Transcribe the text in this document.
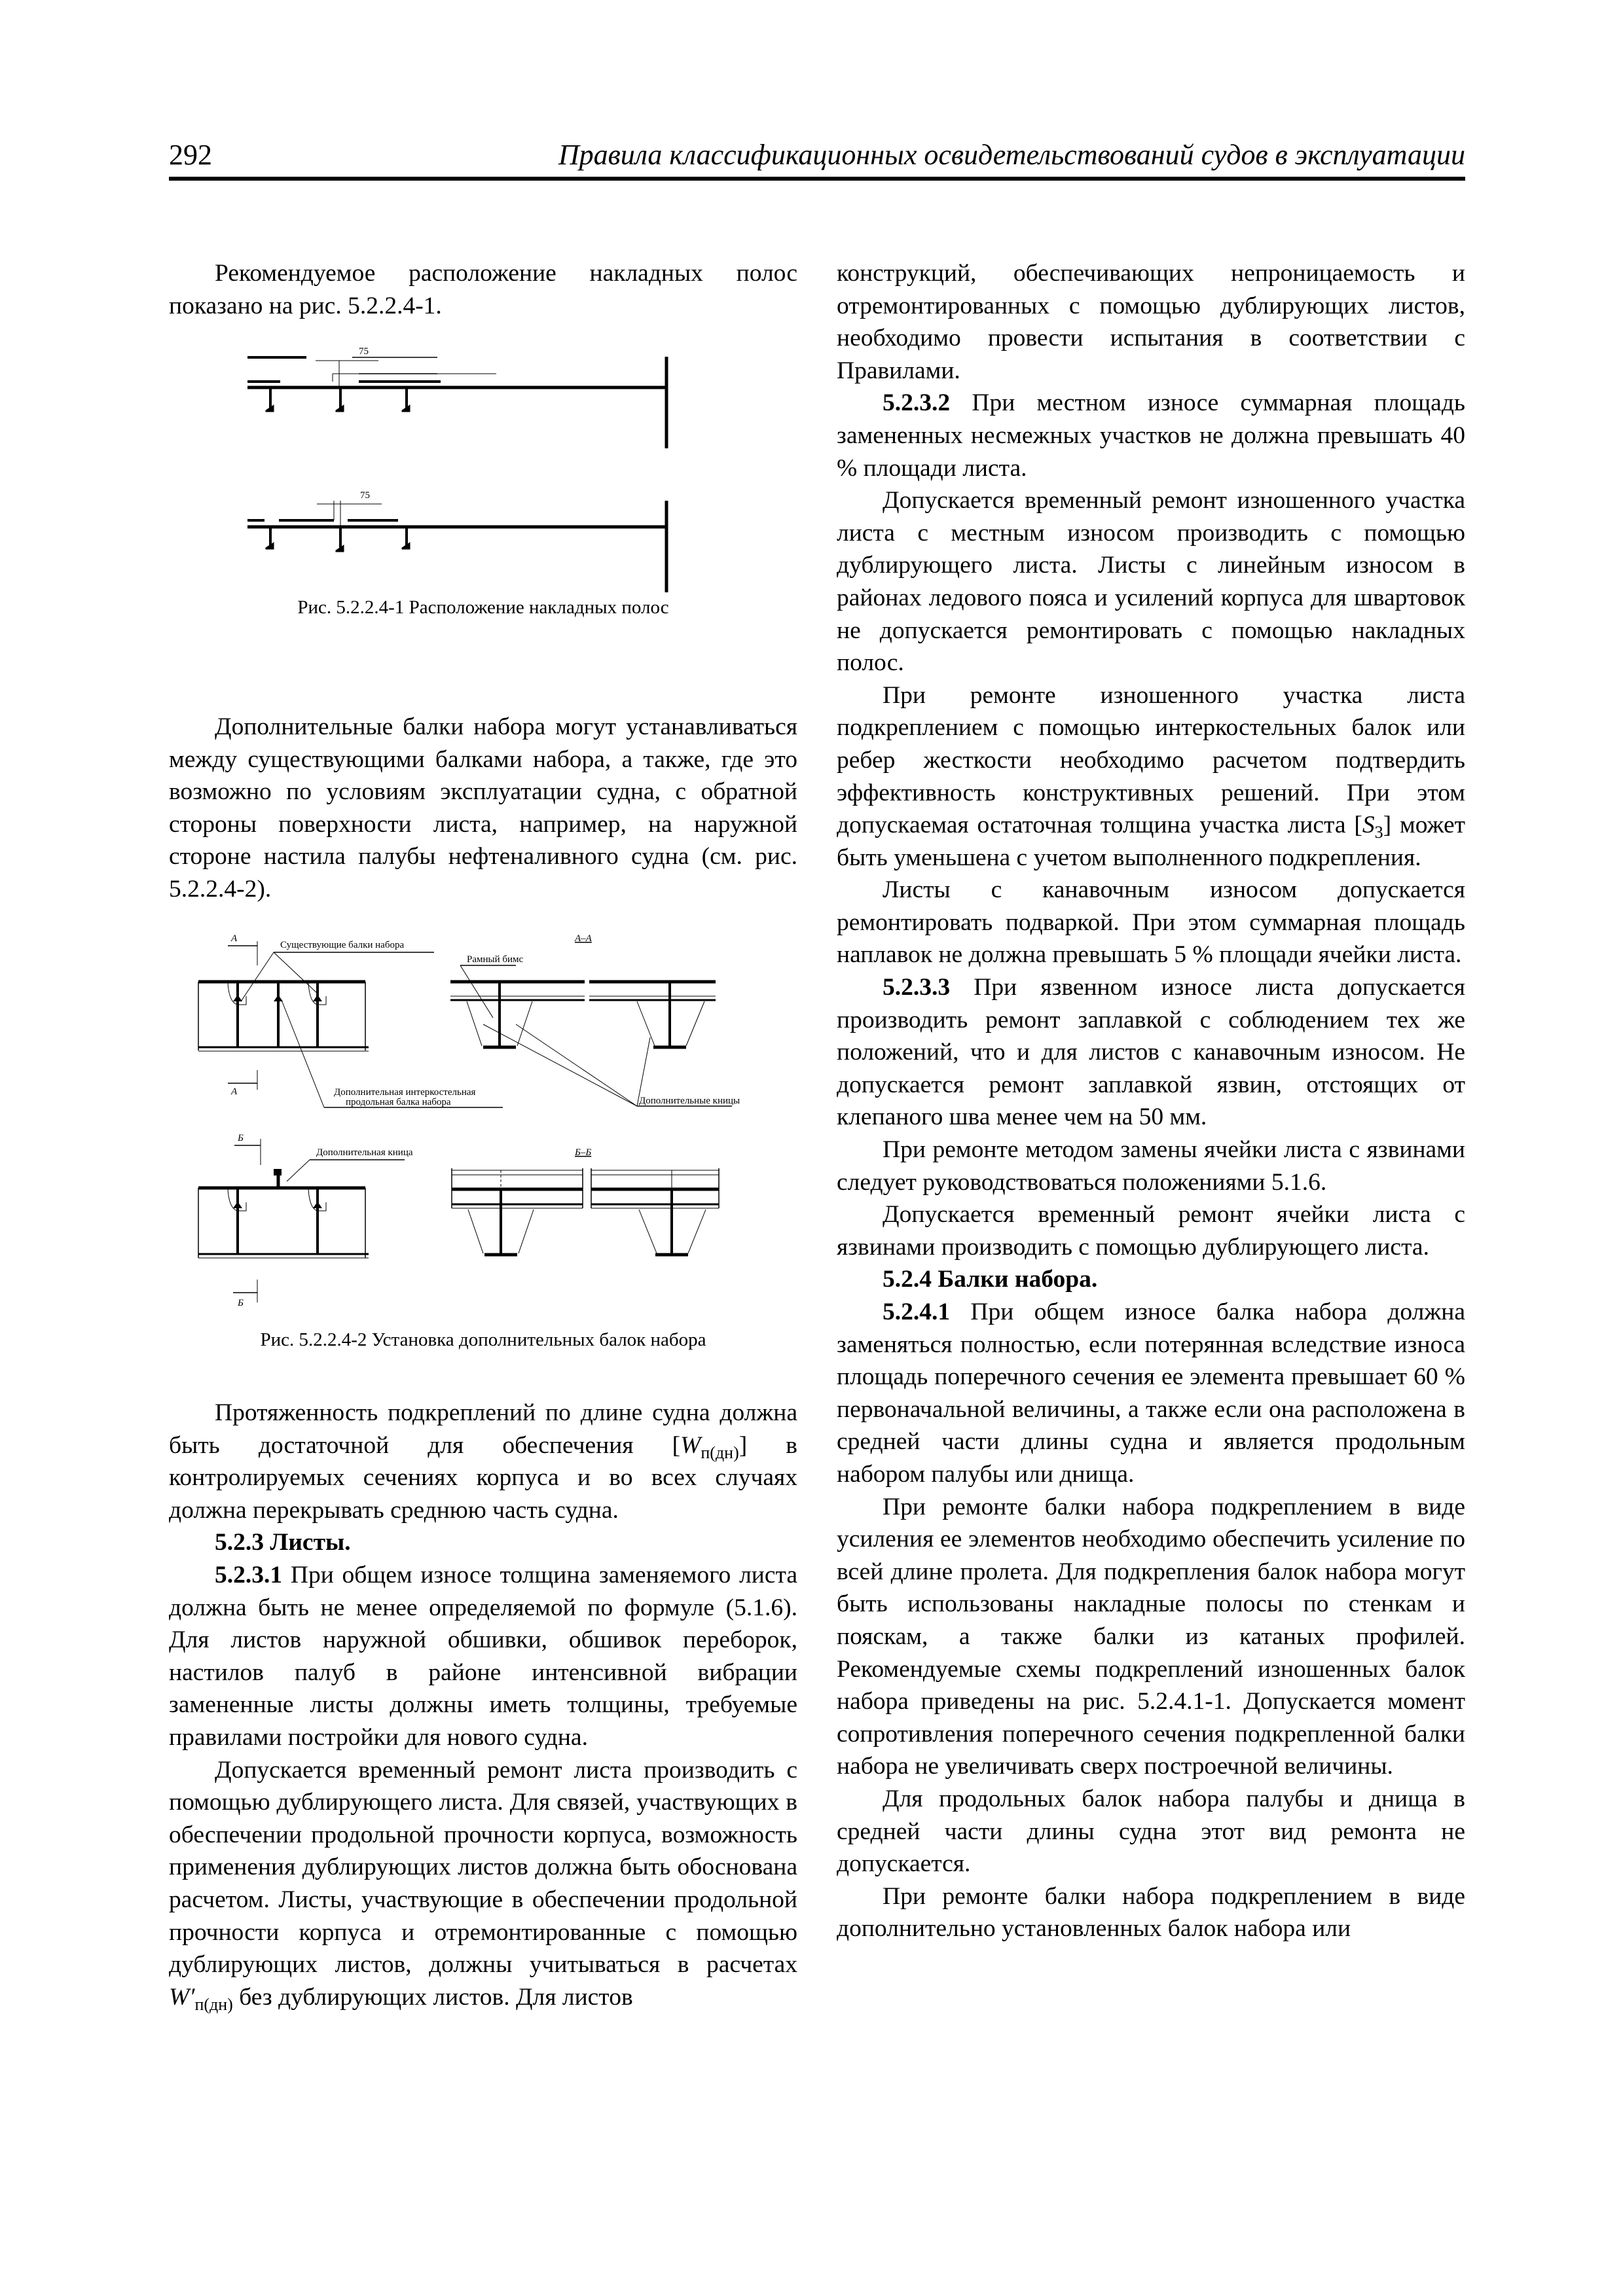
292	Правила классификационных освидетельствований судов в эксплуатации

Рекомендуемое расположение накладных полос показано на рис. 5.2.2.4-1.

75
75
Рис. 5.2.2.4-1 Расположение накладных полос

Дополнительные балки набора могут устанавливаться между существующими балками набора, а также, где это возможно по условиям эксплуатации судна, с обратной стороны поверхности листа, например, на наружной стороне настила палубы нефтеналивного судна (см. рис. 5.2.2.4-2).

А
А
Существующие балки набора
Дополнительная интеркостельная
продольная балка набора
А–А
Рамный бимс
Дополнительные кницы
Б
Б
Дополнительная кница	Б–Б
Рис. 5.2.2.4-2 Установка дополнительных балок набора

Протяженность подкреплений по длине судна должна быть достаточной для обеспечения $[W_{п(дн)}]$ в контролируемых сечениях корпуса и во всех случаях должна перекрывать среднюю часть судна.

5.2.3 Листы.

5.2.3.1 При общем износе толщина заменяемого листа должна быть не менее определяемой по формуле (5.1.6). Для листов наружной обшивки, обшивок переборок, настилов палуб в районе интенсивной вибрации замененные листы должны иметь толщины, требуемые правилами постройки для нового судна.

Допускается временный ремонт листа производить с помощью дублирующего листа. Для связей, участвующих в обеспечении продольной прочности корпуса, возможность применения дублирующих листов должна быть обоснована расчетом. Листы, участвующие в обеспечении продольной прочности корпуса и отремонтированные с помощью дублирующих листов, должны учитываться в расчетах $W'_{п(дн)}$ без дублирующих листов. Для листов

конструкций, обеспечивающих непроницаемость и отремонтированных с помощью дублирующих листов, необходимо провести испытания в соответствии с Правилами.

5.2.3.2 При местном износе суммарная площадь замененных несмежных участков не должна превышать 40 % площади листа.

Допускается временный ремонт изношенного участка листа с местным износом производить с помощью дублирующего листа. Листы с линейным износом в районах ледового пояса и усилений корпуса для швартовок не допускается ремонтировать с помощью накладных полос.

При ремонте изношенного участка листа подкреплением с помощью интеркостельных балок или ребер жесткости необходимо расчетом подтвердить эффективность конструктивных решений. При этом допускаемая остаточная толщина участка листа $[S_3]$ может быть уменьшена с учетом выполненного подкрепления.

Листы с канавочным износом допускается ремонтировать подваркой. При этом суммарная площадь наплавок не должна превышать 5 % площади ячейки листа.

5.2.3.3 При язвенном износе листа допускается производить ремонт заплавкой с соблюдением тех же положений, что и для листов с канавочным износом. Не допускается ремонт заплавкой язвин, отстоящих от клепаного шва менее чем на 50 мм.

При ремонте методом замены ячейки листа с язвинами следует руководствоваться положениями 5.1.6.

Допускается временный ремонт ячейки листа с язвинами производить с помощью дублирующего листа.

5.2.4 Балки набора.

5.2.4.1 При общем износе балка набора должна заменяться полностью, если потерянная вследствие износа площадь поперечного сечения ее элемента превышает 60 % первоначальной величины, а также если она расположена в средней части длины судна и является продольным набором палубы или днища.

При ремонте балки набора подкреплением в виде усиления ее элементов необходимо обеспечить усиление по всей длине пролета. Для подкрепления балок набора могут быть использованы накладные полосы по стенкам и пояскам, а также балки из катаных профилей. Рекомендуемые схемы подкреплений изношенных балок набора приведены на рис. 5.2.4.1-1. Допускается момент сопротивления поперечного сечения подкрепленной балки набора не увеличивать сверх построечной величины.

Для продольных балок набора палубы и днища в средней части длины судна этот вид ремонта не допускается.

При ремонте балки набора подкреплением в виде дополнительно установленных балок набора или
